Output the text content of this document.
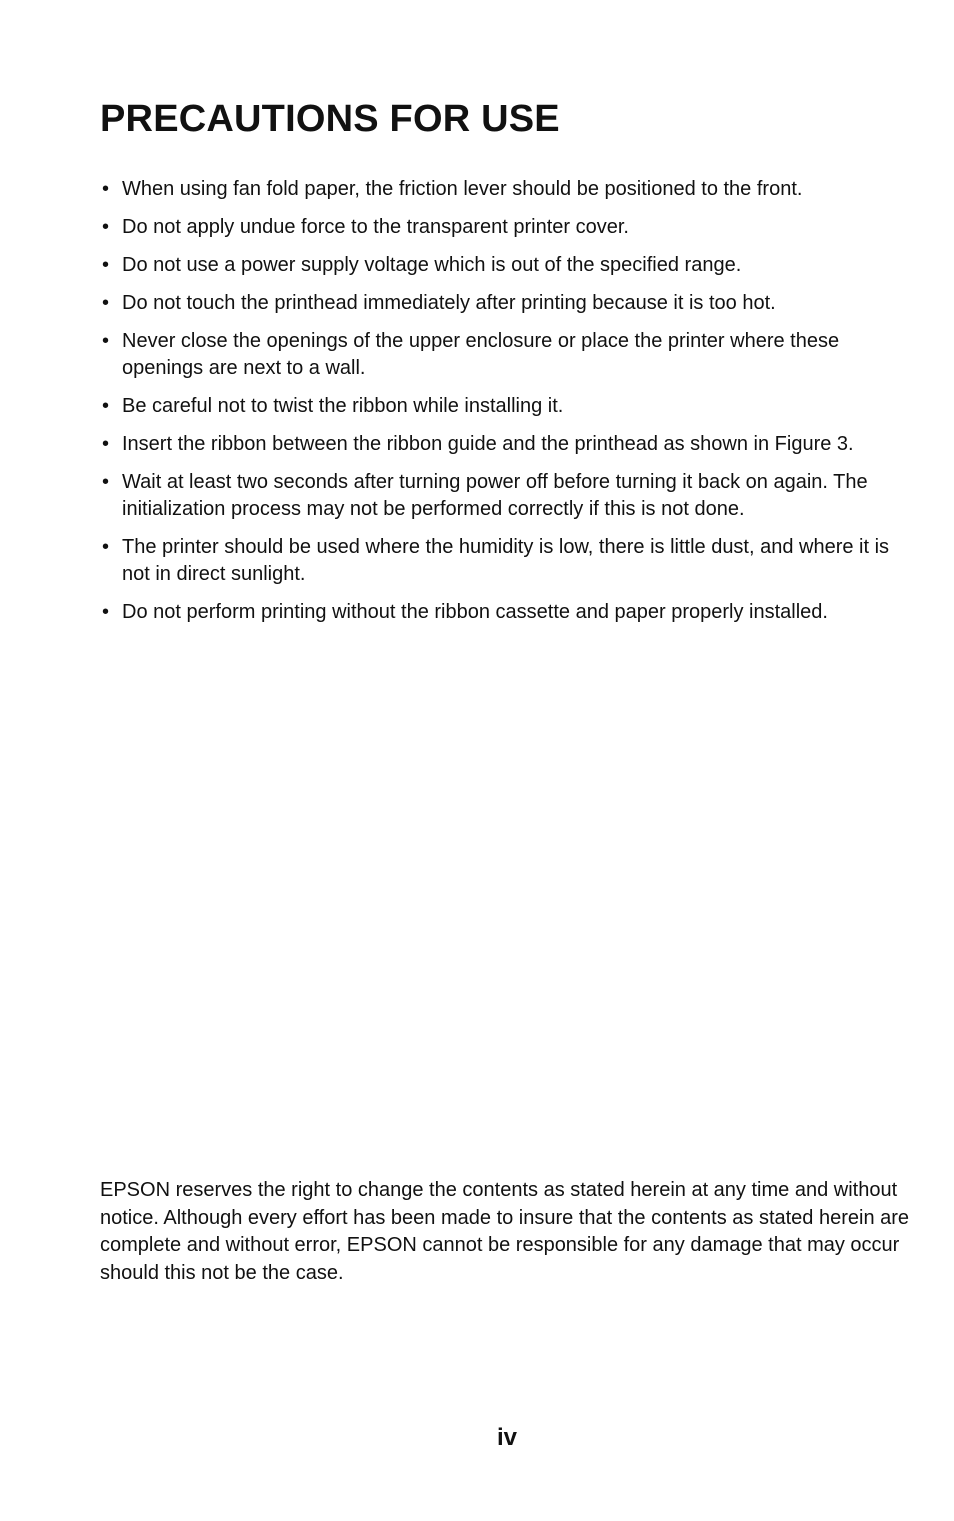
PRECAUTIONS FOR USE
• When using fan fold paper, the friction lever should be positioned to the front.
• Do not apply undue force to the transparent printer cover.
• Do not use a power supply voltage which is out of the specified range.
• Do not touch the printhead immediately after printing because it is too hot.
• Never close the openings of the upper enclosure or place the printer where these openings are next to a wall.
• Be careful not to twist the ribbon while installing it.
• Insert the ribbon between the ribbon guide and the printhead as shown in Figure 3.
• Wait at least two seconds after turning power off before turning it back on again. The initialization process may not be performed correctly if this is not done.
• The printer should be used where the humidity is low, there is little dust, and where it is not in direct sunlight.
• Do not perform printing without the ribbon cassette and paper properly installed.

EPSON reserves the right to change the contents as stated herein at any time and without notice. Although every effort has been made to insure that the contents as stated herein are complete and without error, EPSON cannot be responsible for any damage that may occur should this not be the case.

iv
